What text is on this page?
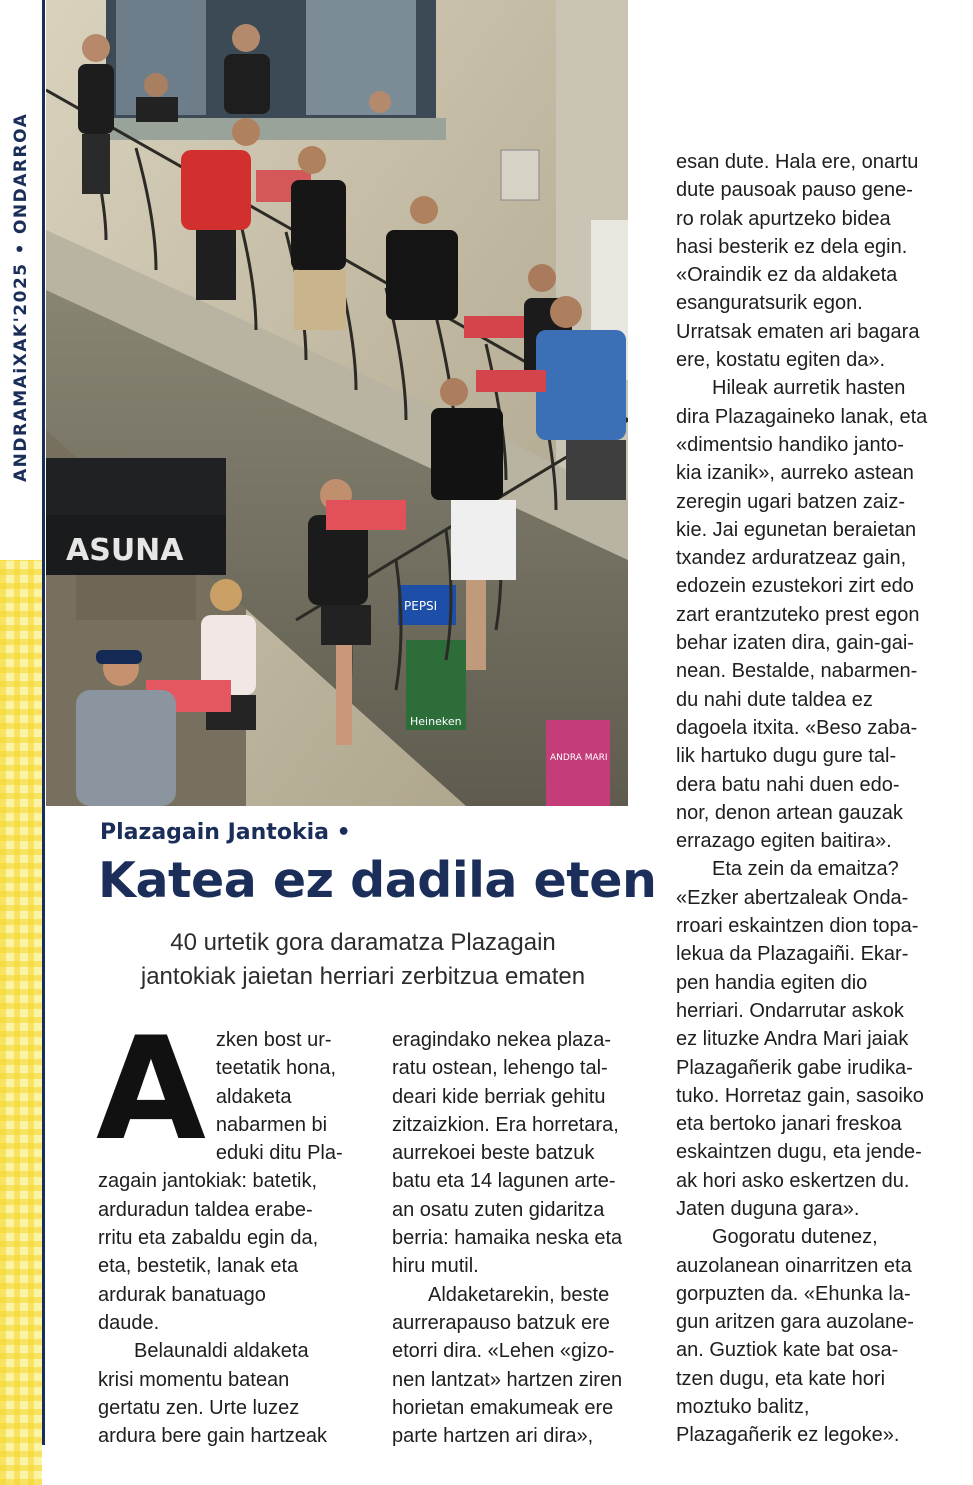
ANDRAMAiXAK'2025•ONDARROA
ASUNA
PEPSI
Heineken
ANDRA MARI
Plazagain Jantokia •
Katea ez dadila eten
40 urtetik gora daramatza Plazagain
jantokiak jaietan herriari zerbitzua ematen

A zken bost ur-
teetatik hona,
aldaketa
nabarmen bi
eduki ditu Pla-
zagain jantokiak: batetik,
arduradun taldea erabe-
rritu eta zabaldu egin da,
eta, bestetik, lanak eta
ardurak banatuago
daude.

Belaunaldi aldaketa
krisi momentu batean
gertatu zen. Urte luzez
ardura bere gain hartzeak

eragindako nekea plaza-
ratu ostean, lehengo tal-
deari kide berriak gehitu
zitzaizkion. Era horretara,
aurrekoei beste batzuk
batu eta 14 lagunen arte-
an osatu zuten gidaritza
berria: hamaika neska eta
hiru mutil.

Aldaketarekin, beste
aurrerapauso batzuk ere
etorri dira. «Lehen «gizo-
nen lantzat» hartzen ziren
horietan emakumeak ere
parte hartzen ari dira»,

esan dute. Hala ere, onartu
dute pausoak pauso gene-
ro rolak apurtzeko bidea
hasi besterik ez dela egin.
«Oraindik ez da aldaketa
esanguratsurik egon.
Urratsak ematen ari bagara
ere, kostatu egiten da».

Hileak aurretik hasten
dira Plazagaineko lanak, eta
«dimentsio handiko janto-
kia izanik», aurreko astean
zeregin ugari batzen zaiz-
kie. Jai egunetan beraietan
txandez arduratzeaz gain,
edozein ezustekori zirt edo
zart erantzuteko prest egon
behar izaten dira, gain-gai-
nean. Bestalde, nabarmen-
du nahi dute taldea ez
dagoela itxita. «Beso zaba-
lik hartuko dugu gure tal-
dera batu nahi duen edo-
nor, denon artean gauzak
errazago egiten baitira».

Eta zein da emaitza?
«Ezker abertzaleak Onda-
rroari eskaintzen dion topa-
lekua da Plazagaiñi. Ekar-
pen handia egiten dio
herriari. Ondarrutar askok
ez lituzke Andra Mari jaiak
Plazagañerik gabe irudika-
tuko. Horretaz gain, sasoiko
eta bertoko janari freskoa
eskaintzen dugu, eta jende-
ak hori asko eskertzen du.
Jaten duguna gara».

Gogoratu dutenez,
auzolanean oinarritzen eta
gorpuzten da. «Ehunka la-
gun aritzen gara auzolane-
an. Guztiok kate bat osa-
tzen dugu, eta kate hori
moztuko balitz,
Plazagañerik ez legoke».
